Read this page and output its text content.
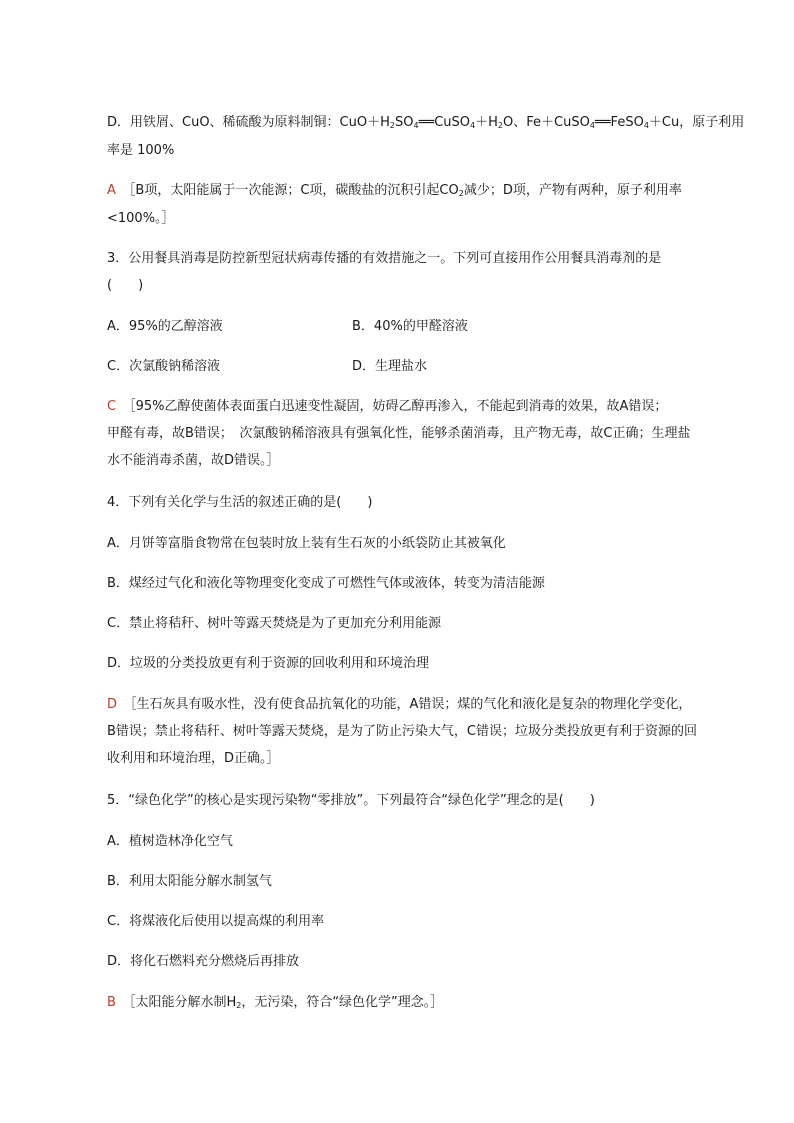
D．用铁屑、CuO、稀硫酸为原料制铜：$CuO+H_2SO_4══CuSO_4+H_2O$、Fe＋CuSO$_4$══FeSO$_4$＋Cu，原子利用
率是 100%
A　 ［B项，太阳能属于一次能源；C项，碳酸盐的沉积引起$CO_2$减少；D项，产物有两种，原子利用率
<100%。］
3．公用餐具消毒是防控新型冠状病毒传播的有效措施之一。下列可直接用作公用餐具消毒剂的是
(　　)
A．95%的乙醇溶液	B．40%的甲醛溶液
C．次氯酸钠稀溶液	D．生理盐水
C　 ［95%乙醇使菌体表面蛋白迅速变性凝固，妨碍乙醇再渗入，不能起到消毒的效果，故A错误；
甲醛有毒，故B错误；　次氯酸钠稀溶液具有强氧化性，能够杀菌消毒，且产物无毒，故C正确；生理盐
水不能消毒杀菌，故D错误。］
4．下列有关化学与生活的叙述正确的是(　　)
A．月饼等富脂食物常在包装时放上装有生石灰的小纸袋防止其被氧化
B．煤经过气化和液化等物理变化变成了可燃性气体或液体，转变为清洁能源
C．禁止将秸秆、树叶等露天焚烧是为了更加充分利用能源
D．垃圾的分类投放更有利于资源的回收利用和环境治理
D　 ［生石灰具有吸水性，没有使食品抗氧化的功能，A错误；煤的气化和液化是复杂的物理化学变化，
B错误；禁止将秸秆、树叶等露天焚烧，是为了防止污染大气，C错误；垃圾分类投放更有利于资源的回
收利用和环境治理，D正确。］
5．“绿色化学”的核心是实现污染物“零排放”。下列最符合“绿色化学”理念的是(　　)
A．植树造林净化空气
B．利用太阳能分解水制氢气
C．将煤液化后使用以提高煤的利用率
D．将化石燃料充分燃烧后再排放
B　 ［太阳能分解水制$H_2$，无污染，符合“绿色化学”理念。］
